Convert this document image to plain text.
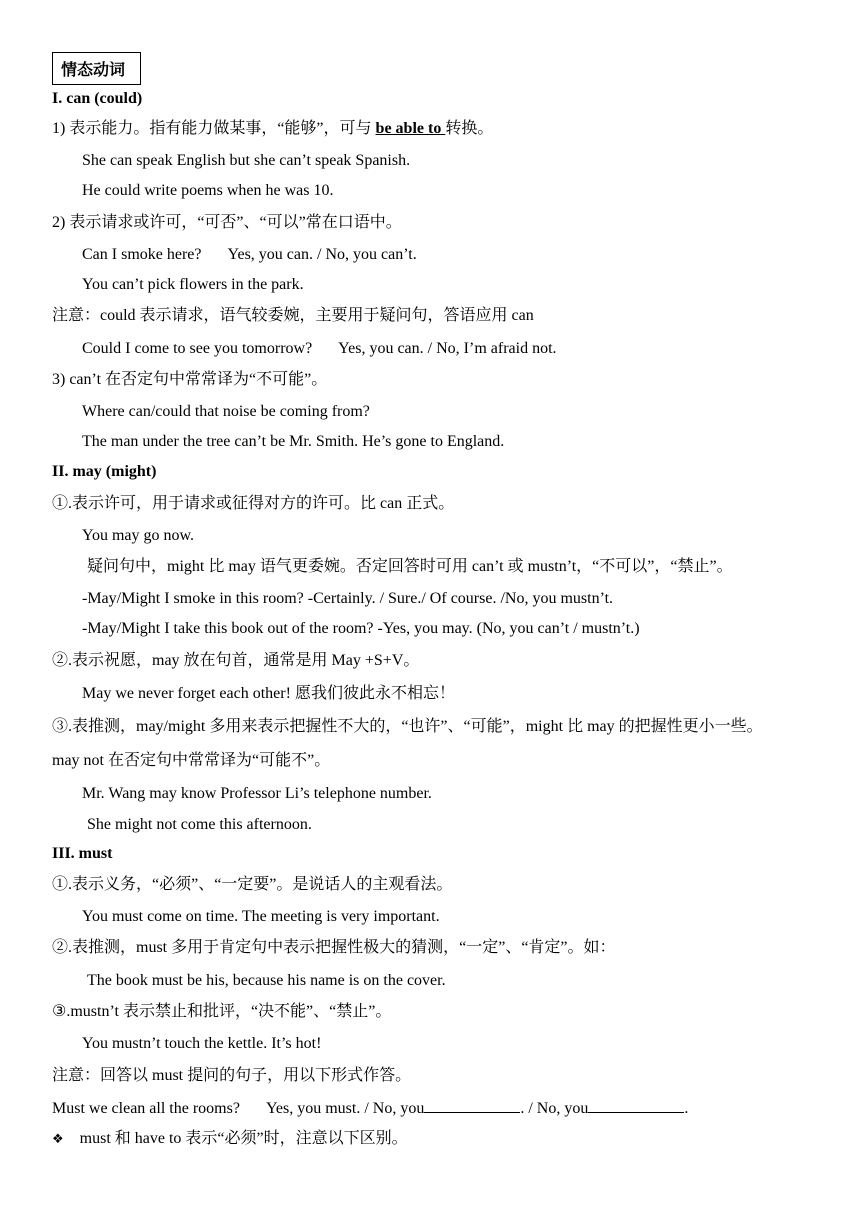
情态动词
I. can (could)
1) 表示能力。指有能力做某事，“能够”，可与 be able to 转换。
She can speak English but she can’t speak Spanish.
He could write poems when he was 10.
2) 表示请求或许可，“可否”、“可以”常在口语中。
Can I smoke here? Yes, you can. / No, you can’t.
You can’t pick flowers in the park.
注意：could 表示请求，语气较委婉，主要用于疑问句，答语应用 can
Could I come to see you tomorrow? Yes, you can. / No, I’m afraid not.
3) can’t 在否定句中常常译为“不可能”。
Where can/could that noise be coming from?
The man under the tree can’t be Mr. Smith. He’s gone to England.
II. may (might)
①.表示许可，用于请求或征得对方的许可。比 can 正式。
You may go now.
疑问句中，might 比 may 语气更委婉。否定回答时可用 can’t 或 mustn’t，“不可以”，“禁止”。
-May/Might I smoke in this room? -Certainly. / Sure./ Of course. /No, you mustn’t.
-May/Might I take this book out of the room? -Yes, you may. (No, you can’t / mustn’t.)
②.表示祝愿，may 放在句首，通常是用 May +S+V。
May we never forget each other! 愿我们彼此永不相忘！
③.表推测，may/might 多用来表示把握性不大的，“也许”、“可能”，might 比 may 的把握性更小一些。
may not 在否定句中常常译为“可能不”。
Mr. Wang may know Professor Li’s telephone number.
She might not come this afternoon.
III. must
①.表示义务，“必须”、“一定要”。是说话人的主观看法。
You must come on time. The meeting is very important.
②.表推测，must 多用于肯定句中表示把握性极大的猜测，“一定”、“肯定”。如：
The book must be his, because his name is on the cover.
③.mustn’t 表示禁止和批评，“决不能”、“禁止”。
You mustn’t touch the kettle. It’s hot!
注意：回答以 must 提问的句子，用以下形式作答。
Must we clean all the rooms? Yes, you must. / No, you	. / No, you	.
❖ must 和 have to 表示“必须”时，注意以下区别。
